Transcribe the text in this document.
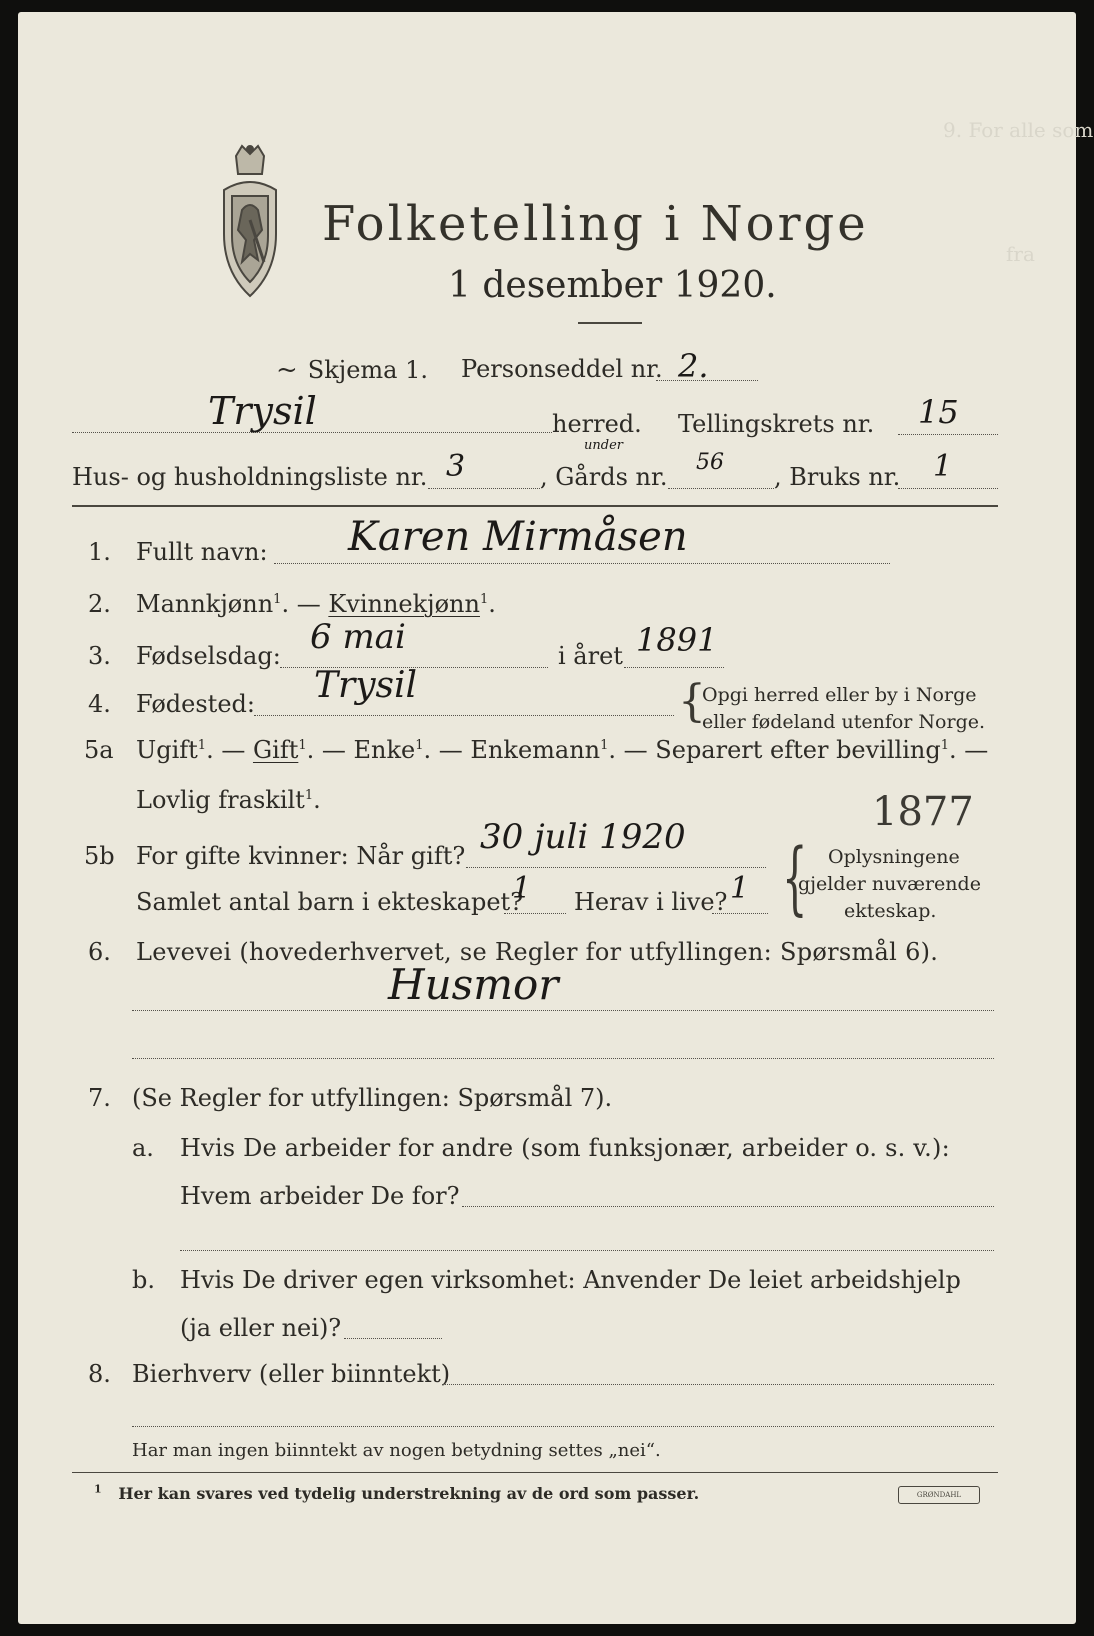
9. For alle som
fra
Folketelling i Norge
1 desember 1920.
~ Skjema 1. Personseddel nr. 2.
Trysil	herred. Tellingskrets nr. 15
Hus- og husholdningsliste nr. 3	, Gårds nr.
under
56
, Bruks nr. 1
1. Fullt navn: Karen Mirmåsen
2. Mannkjønn$^1$. — Kvinnekjønn$^1$.
3. Fødselsdag: 6 mai	i året 1891
4. Fødested: Trysil	{
Opgi herred eller by i Norge
eller fødeland utenfor Norge.
5a Ugift$^1$. — Gift$^1$. — Enke$^1$. — Enkemann$^1$. — Separert efter bevilling$^1$. —
Lovlig fraskilt$^1$.	1877
5b For gifte kvinner: Når gift? 30 juli 1920
Samlet antal barn i ekteskapet?
1 Herav i live? 1 { Oplysningene
gjelder nuværende
ekteskap.
6. Levevei (hovederhvervet, se Regler for utfyllingen: Spørsmål 6).
Husmor
7. (Se Regler for utfyllingen: Spørsmål 7).
a. Hvis De arbeider for andre (som funksjonær, arbeider o. s. v.):
Hvem arbeider De for?
b. Hvis De driver egen virksomhet: Anvender De leiet arbeidshjelp
(ja eller nei)?
8. Bierhverv (eller biinntekt)
Har man ingen biinntekt av nogen betydning settes „nei“.
$^1$ Her kan svares ved tydelig understrekning av de ord som passer.	GRØNDAHL
